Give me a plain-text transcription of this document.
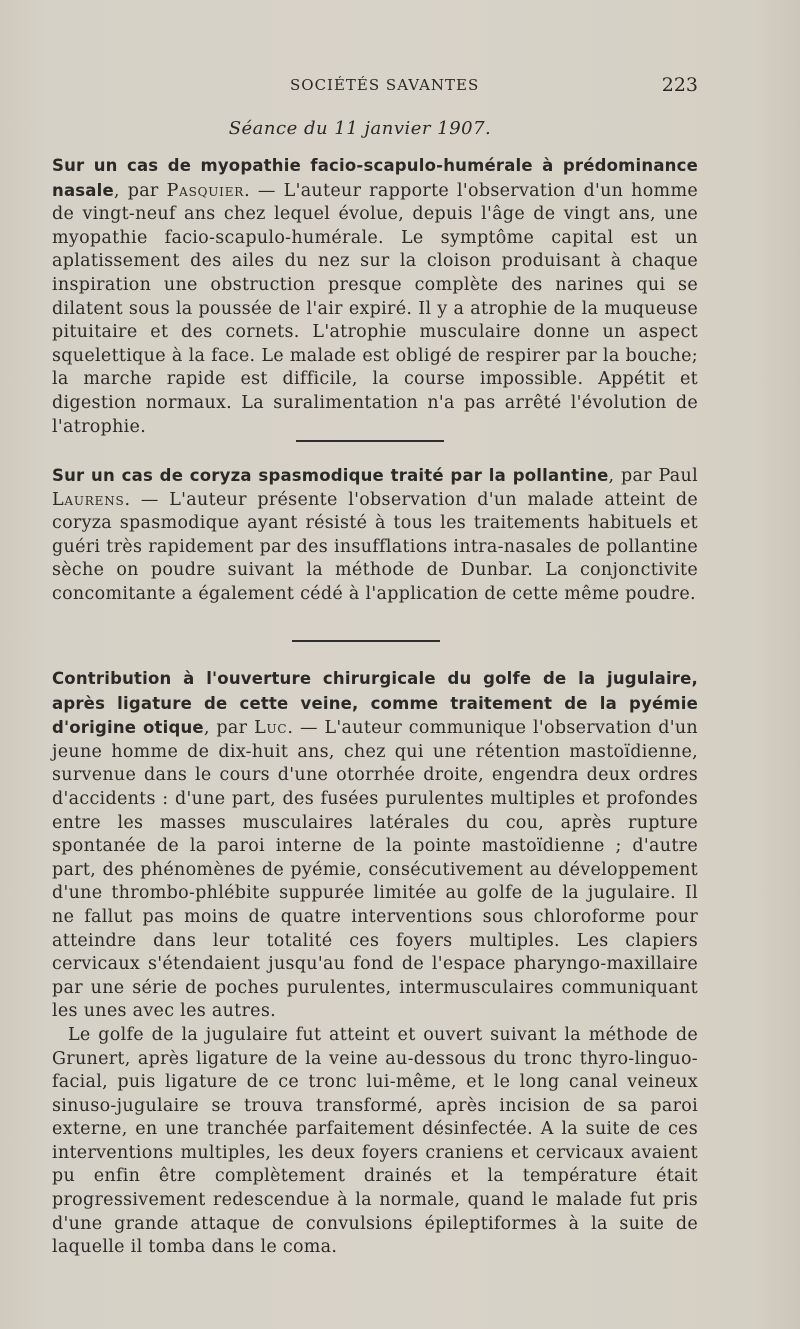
SOCIÉTÉS SAVANTES	223
Séance du 11 janvier 1907.
Sur un cas de myopathie facio-scapulo-humérale à prédominance nasale, par Pasquier. — L'auteur rapporte l'observation d'un homme de vingt-neuf ans chez lequel évolue, depuis l'âge de vingt ans, une myopathie facio-scapulo-humérale. Le symptôme capital est un aplatissement des ailes du nez sur la cloison produisant à chaque inspiration une obstruction presque complète des narines qui se dilatent sous la poussée de l'air expiré. Il y a atrophie de la muqueuse pituitaire et des cornets. L'atrophie musculaire donne un aspect squelettique à la face. Le malade est obligé de respirer par la bouche; la marche rapide est difficile, la course impossible. Appétit et digestion normaux. La suralimentation n'a pas arrêté l'évolution de l'atrophie.
Sur un cas de coryza spasmodique traité par la pollantine, par Paul Laurens. — L'auteur présente l'observation d'un malade atteint de coryza spasmodique ayant résisté à tous les traitements habituels et guéri très rapidement par des insufflations intra-nasales de pollantine sèche on poudre suivant la méthode de Dunbar. La conjonctivite concomitante a également cédé à l'application de cette même poudre.
Contribution à l'ouverture chirurgicale du golfe de la jugulaire, après ligature de cette veine, comme traitement de la pyémie d'origine otique, par Luc. — L'auteur communique l'observation d'un jeune homme de dix-huit ans, chez qui une rétention mastoïdienne, survenue dans le cours d'une otorrhée droite, engendra deux ordres d'accidents : d'une part, des fusées purulentes multiples et profondes entre les masses musculaires latérales du cou, après rupture spontanée de la paroi interne de la pointe mastoïdienne ; d'autre part, des phénomènes de pyémie, consécutivement au développement d'une thrombo-phlébite suppurée limitée au golfe de la jugulaire. Il ne fallut pas moins de quatre interventions sous chloroforme pour atteindre dans leur totalité ces foyers multiples. Les clapiers cervicaux s'étendaient jusqu'au fond de l'espace pharyngo-maxillaire par une série de poches purulentes, intermusculaires communiquant les unes avec les autres.
Le golfe de la jugulaire fut atteint et ouvert suivant la méthode de Grunert, après ligature de la veine au-dessous du tronc thyro-linguo-facial, puis ligature de ce tronc lui-même, et le long canal veineux sinuso-jugulaire se trouva transformé, après incision de sa paroi externe, en une tranchée parfaitement désinfectée. A la suite de ces interventions multiples, les deux foyers craniens et cervicaux avaient pu enfin être complètement drainés et la température était progressivement redescendue à la normale, quand le malade fut pris d'une grande attaque de convulsions épileptiformes à la suite de laquelle il tomba dans le coma.
